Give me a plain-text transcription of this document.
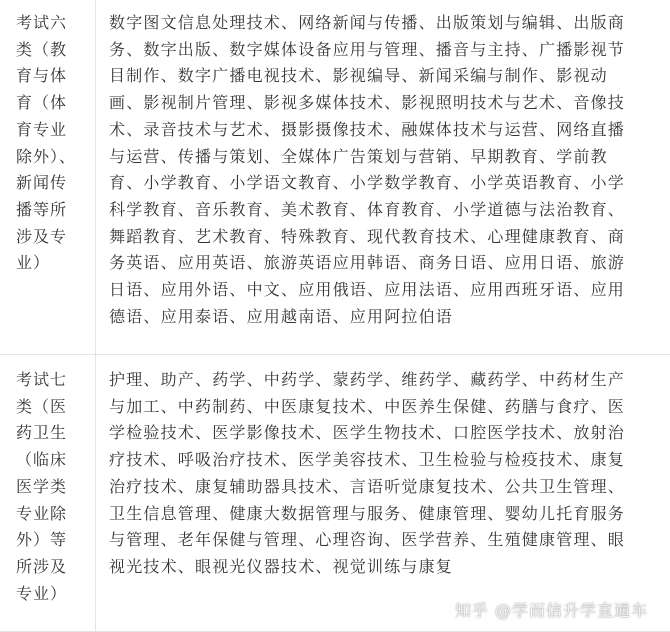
考试六类（教育与体育（体育专业除外）、新闻传播等所涉及专业）
数字图文信息处理技术、网络新闻与传播、出版策划与编辑、出版商务、数字出版、数字媒体设备应用与管理、播音与主持、广播影视节目制作、数字广播电视技术、影视编导、新闻采编与制作、影视动画、影视制片管理、影视多媒体技术、影视照明技术与艺术、音像技术、录音技术与艺术、摄影摄像技术、融媒体技术与运营、网络直播与运营、传播与策划、全媒体广告策划与营销、早期教育、学前教育、小学教育、小学语文教育、小学数学教育、小学英语教育、小学科学教育、音乐教育、美术教育、体育教育、小学道德与法治教育、舞蹈教育、艺术教育、特殊教育、现代教育技术、心理健康教育、商务英语、应用英语、旅游英语应用韩语、商务日语、应用日语、旅游日语、应用外语、中文、应用俄语、应用法语、应用西班牙语、应用德语、应用泰语、应用越南语、应用阿拉伯语
考试七类（医药卫生（临床医学类专业除外）等所涉及专业）
护理、助产、药学、中药学、蒙药学、维药学、藏药学、中药材生产与加工、中药制药、中医康复技术、中医养生保健、药膳与食疗、医学检验技术、医学影像技术、医学生物技术、口腔医学技术、放射治疗技术、呼吸治疗技术、医学美容技术、卫生检验与检疫技术、康复治疗技术、康复辅助器具技术、言语听觉康复技术、公共卫生管理、卫生信息管理、健康大数据管理与服务、健康管理、婴幼儿托育服务与管理、老年保健与管理、心理咨询、医学营养、生殖健康管理、眼视光技术、眼视光仪器技术、视觉训练与康复
知乎 @学而信升学直通车
